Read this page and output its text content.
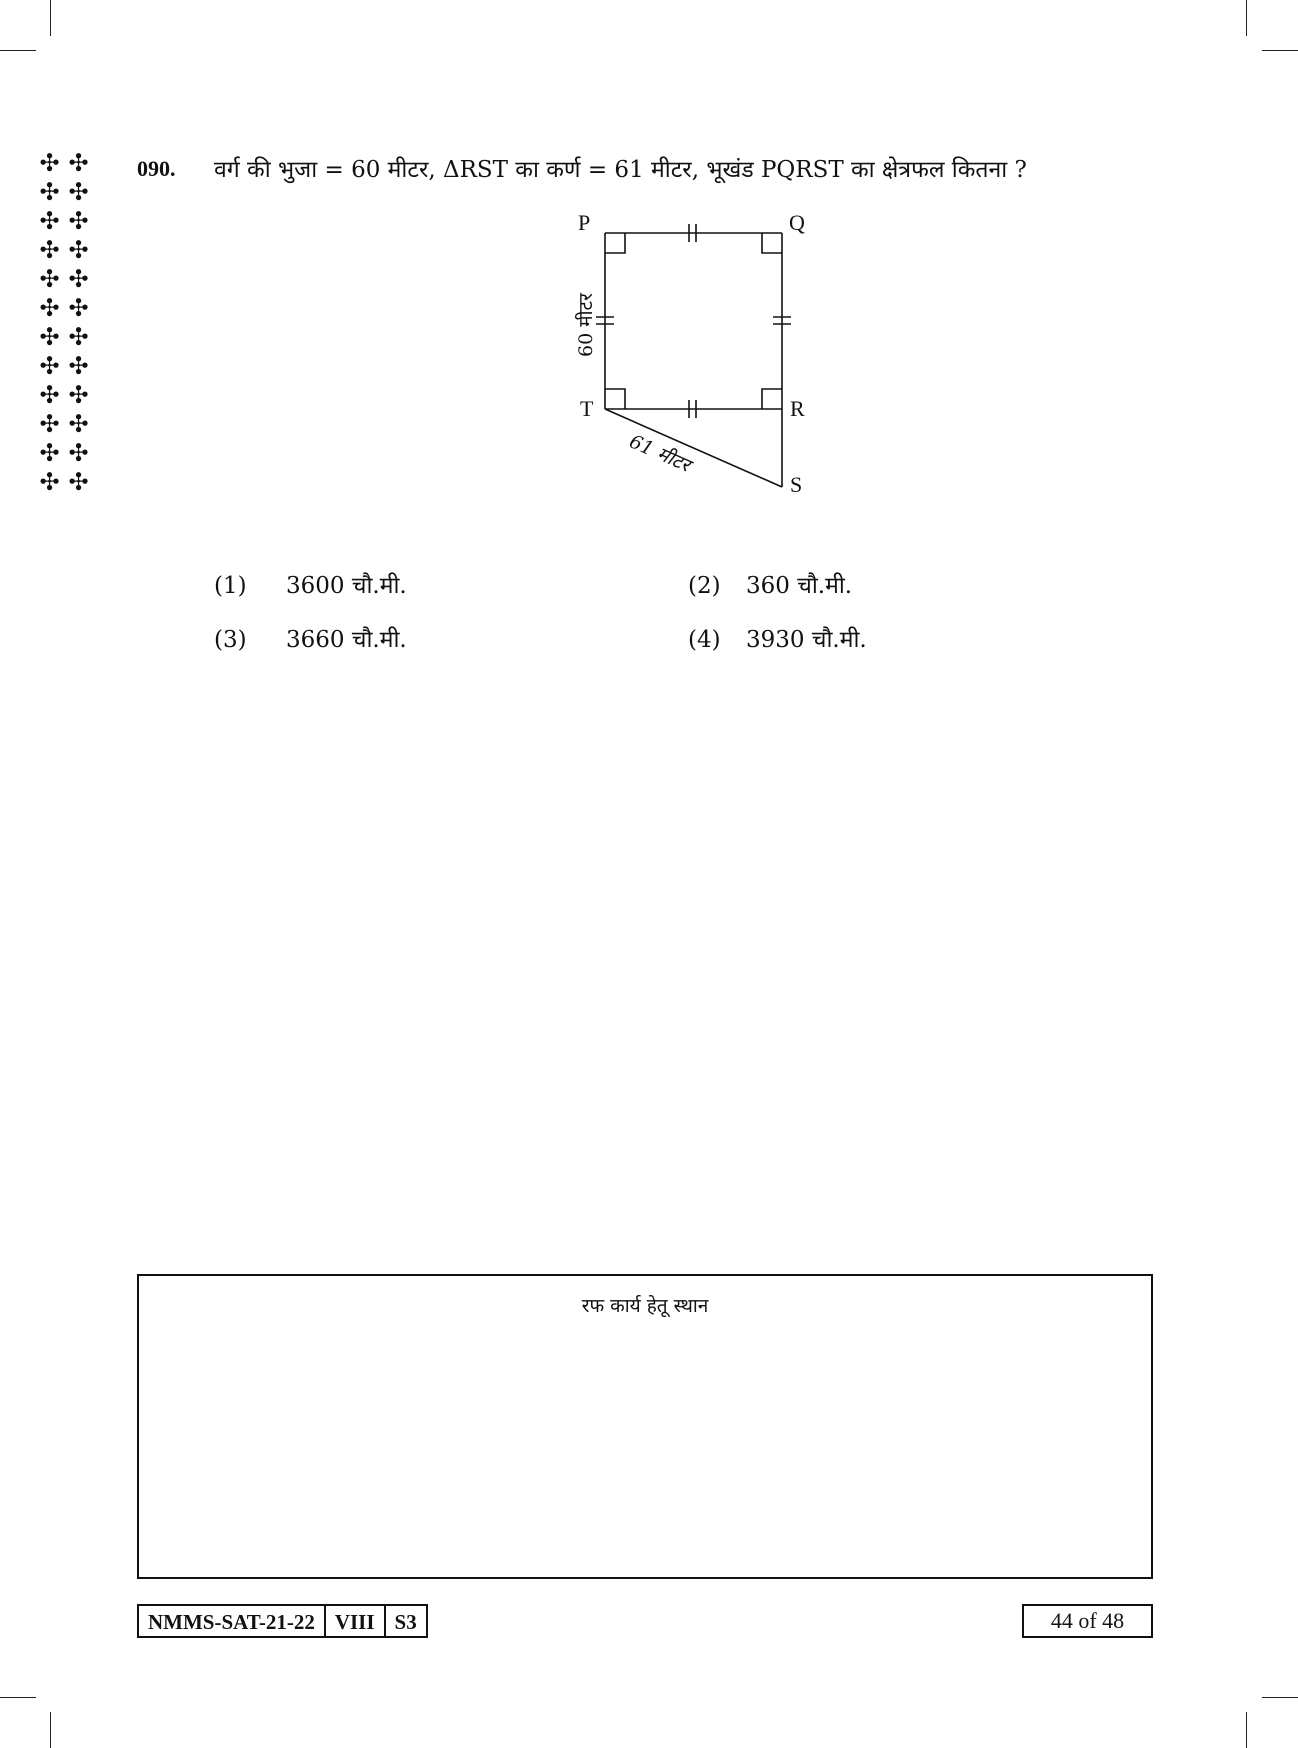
✣ ✣
✣ ✣
✣ ✣
✣ ✣
✣ ✣
✣ ✣
✣ ✣
✣ ✣
✣ ✣
✣ ✣
✣ ✣
✣ ✣
090. वर्ग की भुजा = 60 मीटर, ΔRST का कर्ण = 61 मीटर, भूखंड PQRST का क्षेत्रफल कितना ?
P	Q
T	R
S
60 मीटर
61 मीटर
(1) 3600 चौ.मी.	(2) 360 चौ.मी.
(3) 3660 चौ.मी.	(4) 3930 चौ.मी.
रफ कार्य हेतू स्थान
NMMS-SAT-21-22 VIII S3	44 of 48
